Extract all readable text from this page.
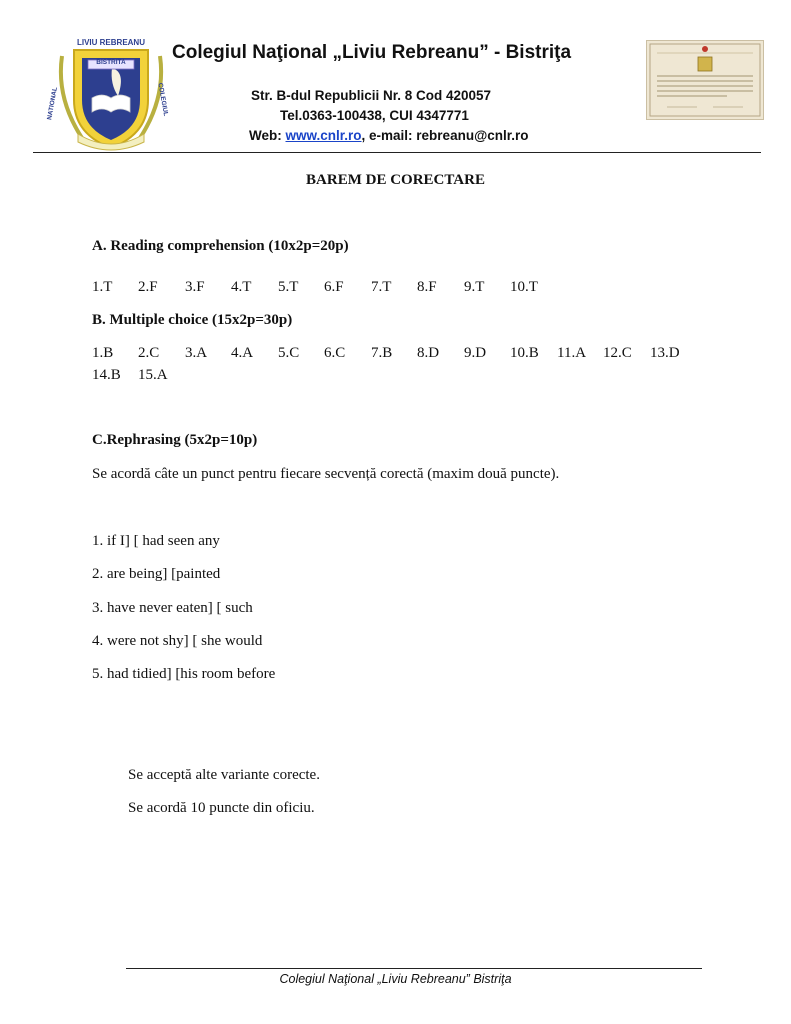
LIVIU REBREANU
BISTRITA
NATIONAL	COLEGIUL
Colegiul Naţional „Liviu Rebreanu” - Bistriţa
Str. B-dul Republicii Nr. 8 Cod 420057
Tel.0363-100438, CUI 4347771
Web: www.cnlr.ro, e-mail: rebreanu@cnlr.ro
BAREM DE CORECTARE
A. Reading comprehension (10x2p=20p)
1.T 2.F 3.F 4.T 5.T 6.F 7.T 8.F 9.T 10.T
B. Multiple choice (15x2p=30p)
1.B 2.C 3.A 4.A 5.C 6.C 7.B 8.D 9.D 10.B 11.A 12.C 13.D
14.B 15.A
C.Rephrasing (5x2p=10p)
Se acordă câte un punct pentru fiecare secvență corectă (maxim două puncte).
1. if I] [ had seen any
2. are being] [painted
3. have never eaten] [ such
4. were not shy] [ she would
5. had tidied] [his room before
Se acceptă alte variante corecte.
Se acordă 10 puncte din oficiu.
Colegiul Naţional „Liviu Rebreanu” Bistriţa
